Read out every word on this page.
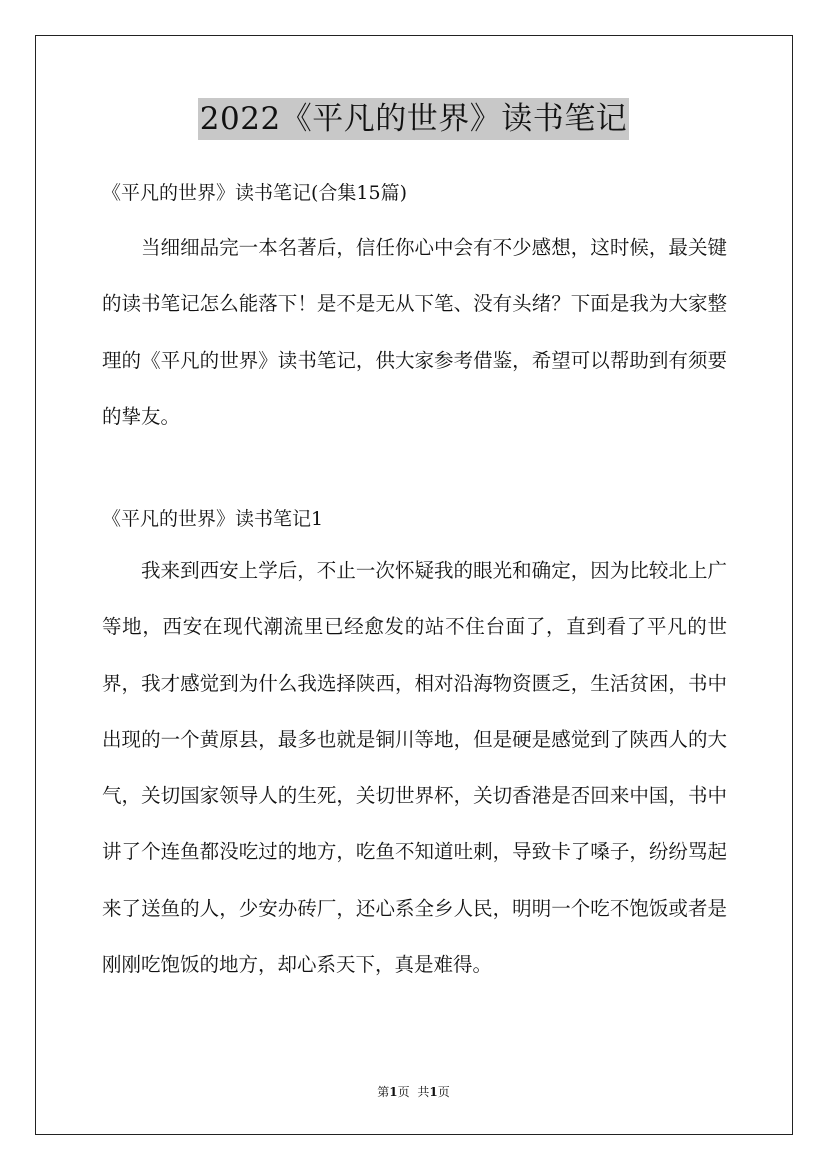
2022《平凡的世界》读书笔记
《平凡的世界》读书笔记(合集15篇)

当细细品完一本名著后，信任你心中会有不少感想，这时候，最关键的读书笔记怎么能落下！是不是无从下笔、没有头绪？下面是我为大家整理的《平凡的世界》读书笔记，供大家参考借鉴，希望可以帮助到有须要的挚友。

《平凡的世界》读书笔记1

我来到西安上学后，不止一次怀疑我的眼光和确定，因为比较北上广等地，西安在现代潮流里已经愈发的站不住台面了，直到看了平凡的世界，我才感觉到为什么我选择陕西，相对沿海物资匮乏，生活贫困，书中出现的一个黄原县，最多也就是铜川等地，但是硬是感觉到了陕西人的大气，关切国家领导人的生死，关切世界杯，关切香港是否回来中国，书中讲了个连鱼都没吃过的地方，吃鱼不知道吐刺，导致卡了嗓子，纷纷骂起来了送鱼的人，少安办砖厂，还心系全乡人民，明明一个吃不饱饭或者是刚刚吃饱饭的地方，却心系天下，真是难得。

第1页 共1页
